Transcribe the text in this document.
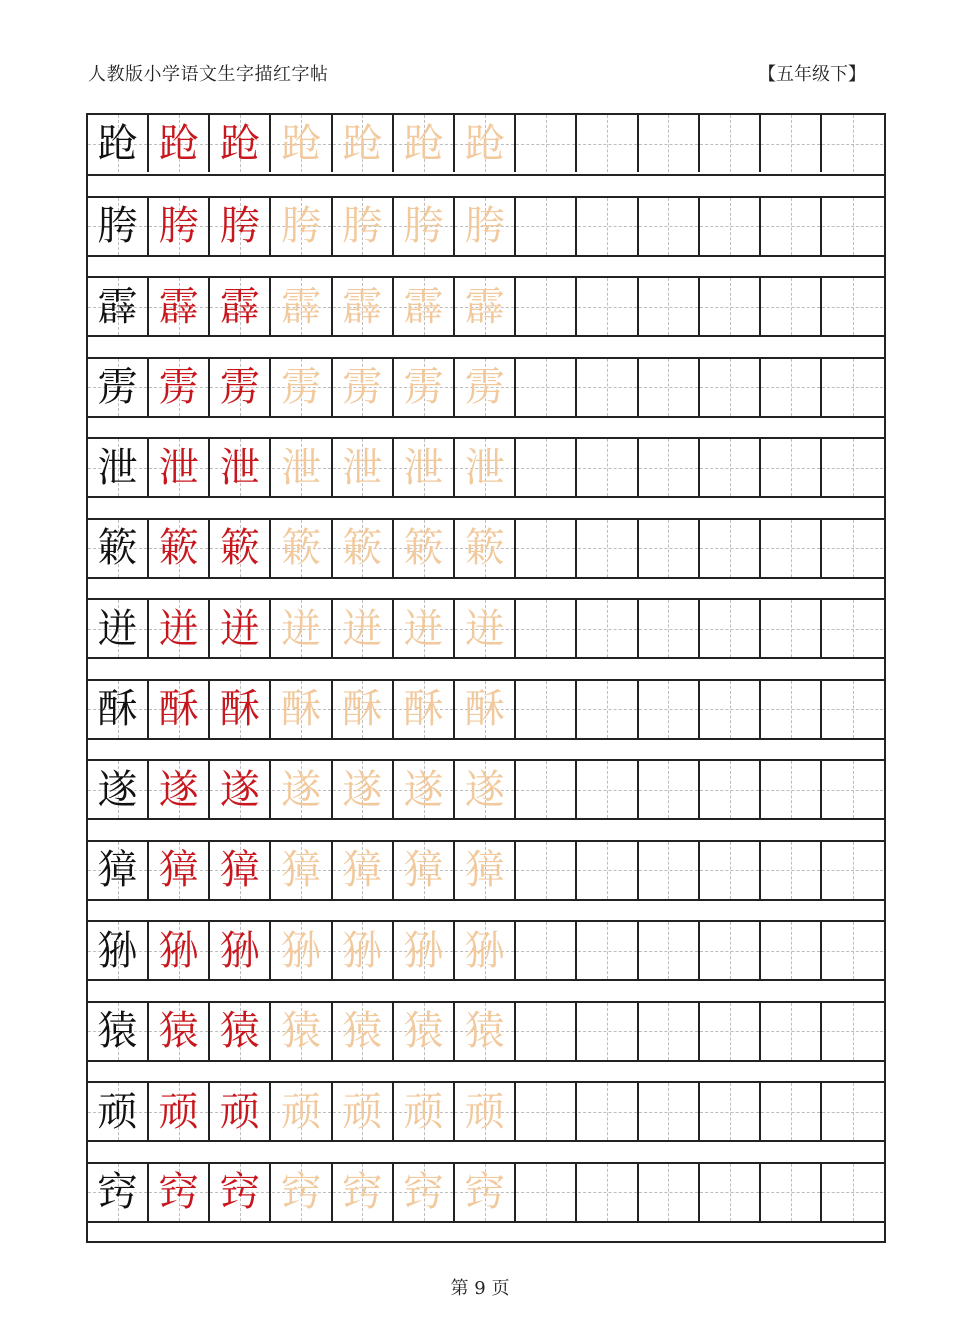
人教版小学语文生字描红字帖	【五年级下】
跄 跄 跄 跄 跄 跄 跄
胯 胯 胯 胯 胯 胯 胯
霹 霹 霹 霹 霹 霹 霹
雳 雳 雳 雳 雳 雳 雳
泄 泄 泄 泄 泄 泄 泄
簌 簌 簌 簌 簌 簌 簌
迸 迸 迸 迸 迸 迸 迸
酥 酥 酥 酥 酥 酥 酥
遂 遂 遂 遂 遂 遂 遂
獐 獐 獐 獐 獐 獐 獐
狲 狲 狲 狲 狲 狲 狲
猿 猿 猿 猿 猿 猿 猿
顽 顽 顽 顽 顽 顽 顽
窍 窍 窍 窍 窍 窍 窍
第 9 页
